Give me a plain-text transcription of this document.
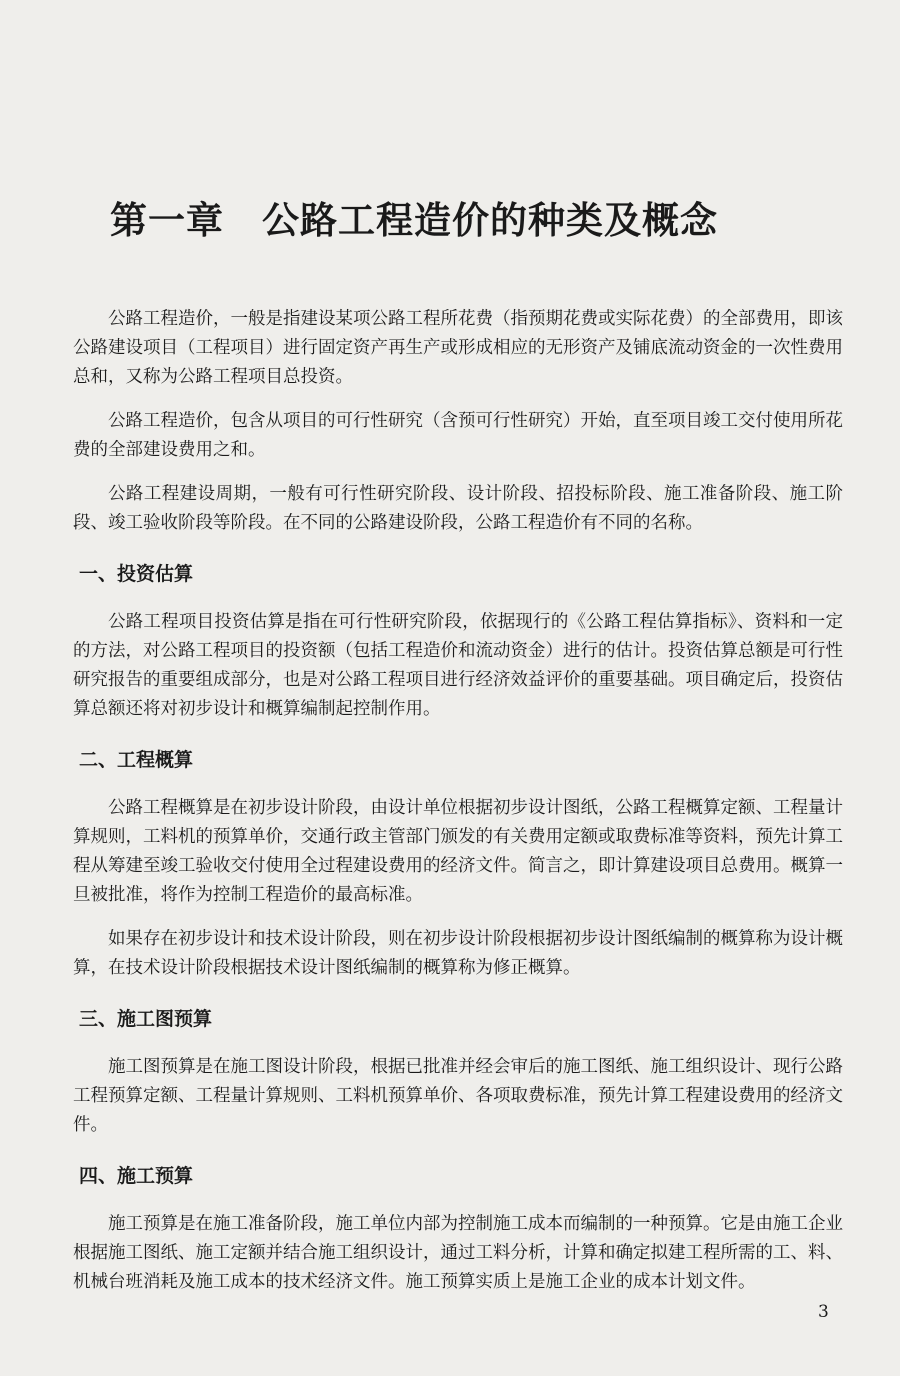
第一章 公路工程造价的种类及概念

公路工程造价，一般是指建设某项公路工程所花费（指预期花费或实际花费）的全部费用，即该公路建设项目（工程项目）进行固定资产再生产或形成相应的无形资产及铺底流动资金的一次性费用总和，又称为公路工程项目总投资。

公路工程造价，包含从项目的可行性研究（含预可行性研究）开始，直至项目竣工交付使用所花费的全部建设费用之和。

公路工程建设周期，一般有可行性研究阶段、设计阶段、招投标阶段、施工准备阶段、施工阶段、竣工验收阶段等阶段。在不同的公路建设阶段，公路工程造价有不同的名称。

一、投资估算

公路工程项目投资估算是指在可行性研究阶段，依据现行的《公路工程估算指标》、资料和一定的方法，对公路工程项目的投资额（包括工程造价和流动资金）进行的估计。投资估算总额是可行性研究报告的重要组成部分，也是对公路工程项目进行经济效益评价的重要基础。项目确定后，投资估算总额还将对初步设计和概算编制起控制作用。

二、工程概算

公路工程概算是在初步设计阶段，由设计单位根据初步设计图纸，公路工程概算定额、工程量计算规则，工料机的预算单价，交通行政主管部门颁发的有关费用定额或取费标准等资料，预先计算工程从筹建至竣工验收交付使用全过程建设费用的经济文件。简言之，即计算建设项目总费用。概算一旦被批准，将作为控制工程造价的最高标准。

如果存在初步设计和技术设计阶段，则在初步设计阶段根据初步设计图纸编制的概算称为设计概算，在技术设计阶段根据技术设计图纸编制的概算称为修正概算。

三、施工图预算

施工图预算是在施工图设计阶段，根据已批准并经会审后的施工图纸、施工组织设计、现行公路工程预算定额、工程量计算规则、工料机预算单价、各项取费标准，预先计算工程建设费用的经济文件。

四、施工预算

施工预算是在施工准备阶段，施工单位内部为控制施工成本而编制的一种预算。它是由施工企业根据施工图纸、施工定额并结合施工组织设计，通过工料分析，计算和确定拟建工程所需的工、料、机械台班消耗及施工成本的技术经济文件。施工预算实质上是施工企业的成本计划文件。

3
